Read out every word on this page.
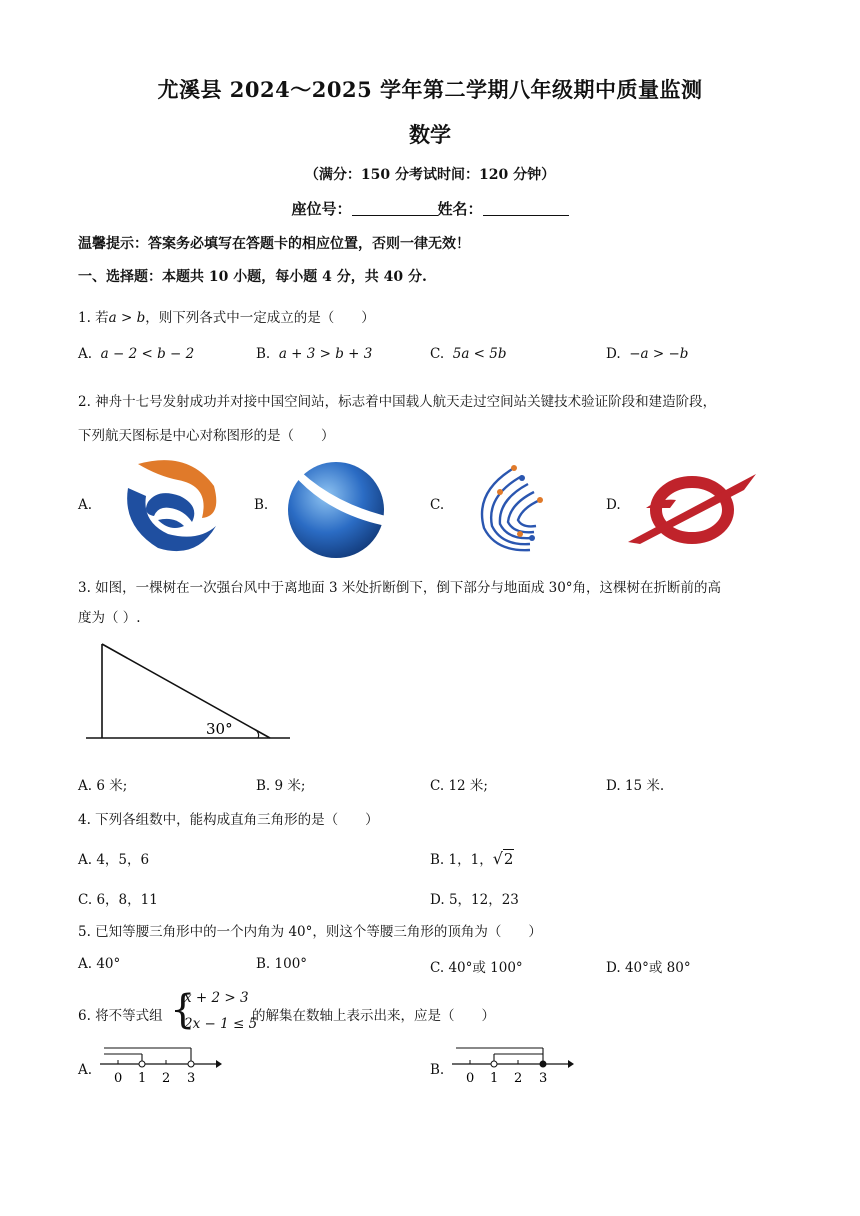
尤溪县 2024～2025 学年第二学期八年级期中质量监测
数学
（满分：150 分考试时间：120 分钟）
座位号：	姓名：
温馨提示：答案务必填写在答题卡的相应位置，否则一律无效！
一、选择题：本题共 10 小题，每小题 4 分，共 40 分.
1. 若a > b，则下列各式中一定成立的是（　　）
A. a − 2 < b − 2	B. a + 3 > b + 3	C. 5a < 5b	D. −a > −b
2. 神舟十七号发射成功并对接中国空间站，标志着中国载人航天走过空间站关键技术验证阶段和建造阶段，
下列航天图标是中心对称图形的是（　　）
A.	B.	C.	D.
3. 如图，一棵树在一次强台风中于离地面 3 米处折断倒下，倒下部分与地面成 30°角，这棵树在折断前的高
度为（ ）.
30°
A. 6 米;	B. 9 米;	C. 12 米;	D. 15 米.
4. 下列各组数中，能构成直角三角形的是（　　）
A. 4，5，6	B. 1，1，√2
C. 6，8，11	D. 5，12，23
5. 已知等腰三角形中的一个内角为 40°，则这个等腰三角形的顶角为（　　）
A. 40°	B. 100°	C. 40°或 100°	D. 40°或 80°
6. 将不等式组 {
x + 2 > 3
2x − 1 ≤ 5
的解集在数轴上表示出来，应是（　　）
A.
0 1 2 3
B.
0 1 2 3
